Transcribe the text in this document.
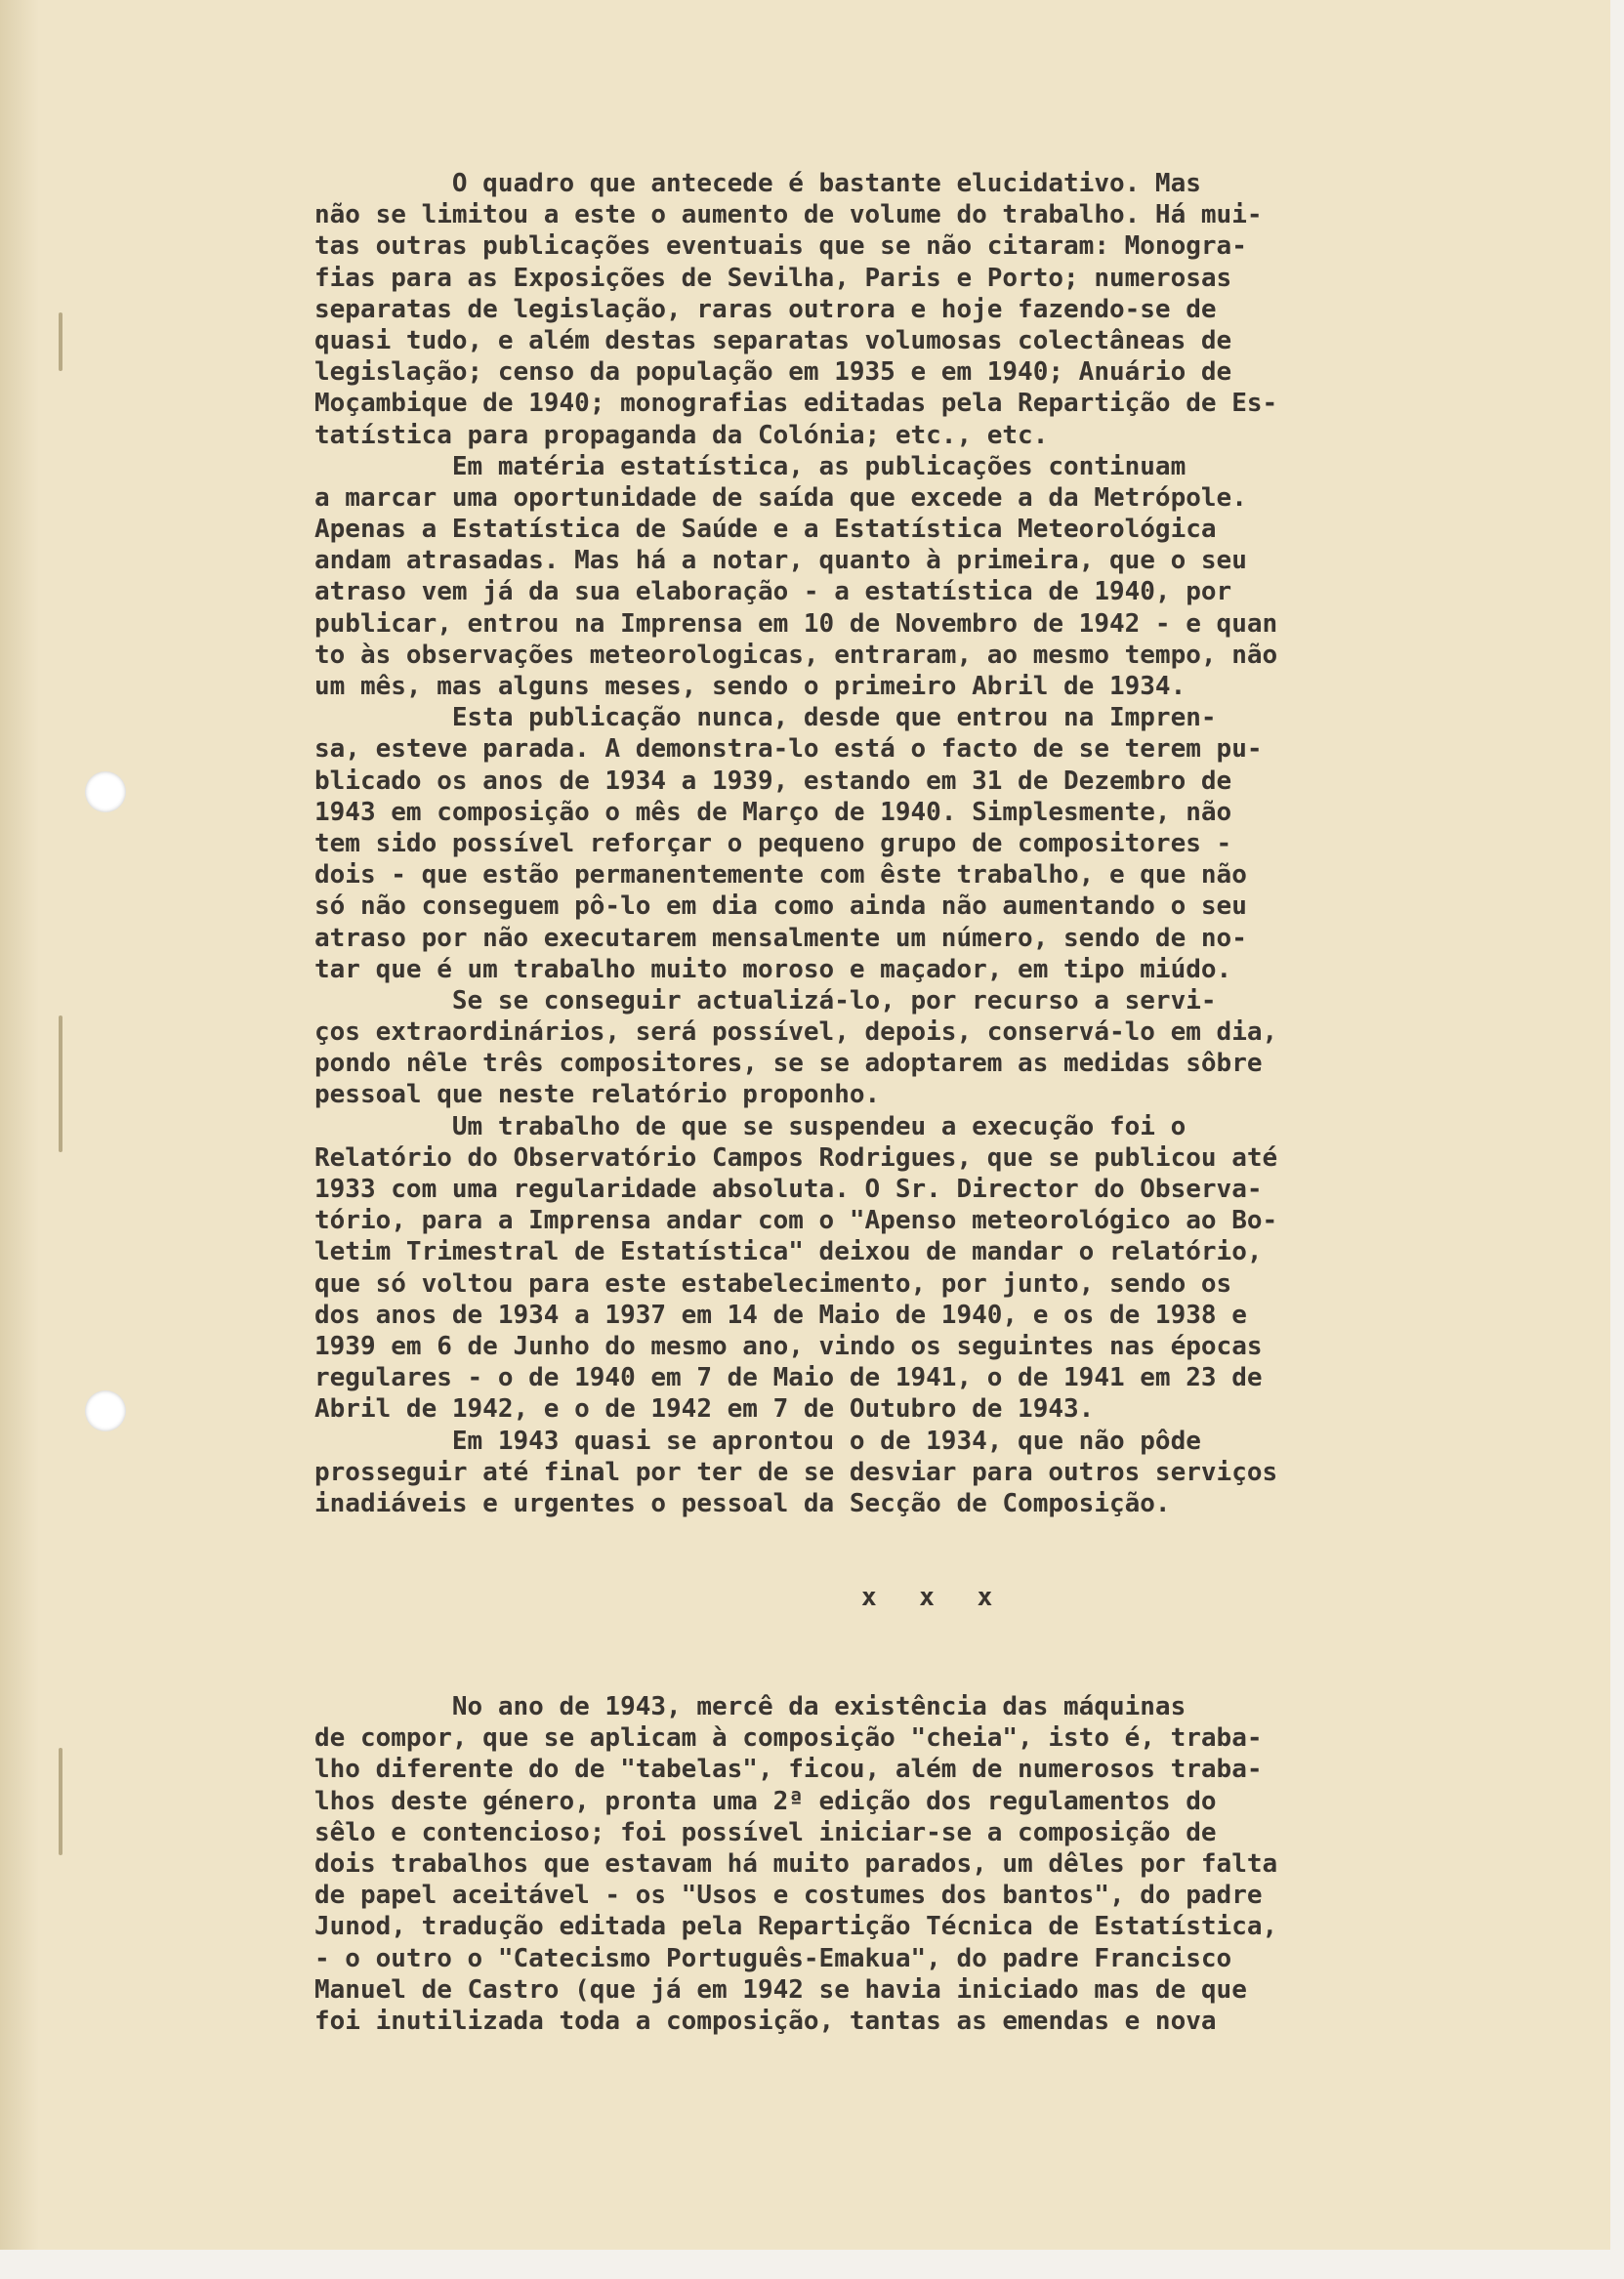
O quadro que antecede é bastante elucidativo. Mas
não se limitou a este o aumento de volume do trabalho. Há mui-
tas outras publicações eventuais que se não citaram: Monogra-
fias para as Exposições de Sevilha, Paris e Porto; numerosas
separatas de legislação, raras outrora e hoje fazendo-se de
quasi tudo, e além destas separatas volumosas colectâneas de
legislação; censo da população em 1935 e em 1940; Anuário de
Moçambique de 1940; monografias editadas pela Repartição de Es-
tatística para propaganda da Colónia; etc., etc.
Em matéria estatística, as publicações continuam
a marcar uma oportunidade de saída que excede a da Metrópole.
Apenas a Estatística de Saúde e a Estatística Meteorológica
andam atrasadas. Mas há a notar, quanto à primeira, que o seu
atraso vem já da sua elaboração - a estatística de 1940, por
publicar, entrou na Imprensa em 10 de Novembro de 1942 - e quan
to às observações meteorologicas, entraram, ao mesmo tempo, não
um mês, mas alguns meses, sendo o primeiro Abril de 1934.
Esta publicação nunca, desde que entrou na Impren-
sa, esteve parada. A demonstra-lo está o facto de se terem pu-
blicado os anos de 1934 a 1939, estando em 31 de Dezembro de
1943 em composição o mês de Março de 1940. Simplesmente, não
tem sido possível reforçar o pequeno grupo de compositores -
dois - que estão permanentemente com êste trabalho, e que não
só não conseguem pô-lo em dia como ainda não aumentando o seu
atraso por não executarem mensalmente um número, sendo de no-
tar que é um trabalho muito moroso e maçador, em tipo miúdo.
Se se conseguir actualizá-lo, por recurso a servi-
ços extraordinários, será possível, depois, conservá-lo em dia,
pondo nêle três compositores, se se adoptarem as medidas sôbre
pessoal que neste relatório proponho.
Um trabalho de que se suspendeu a execução foi o
Relatório do Observatório Campos Rodrigues, que se publicou até
1933 com uma regularidade absoluta. O Sr. Director do Observa-
tório, para a Imprensa andar com o "Apenso meteorológico ao Bo-
letim Trimestral de Estatística" deixou de mandar o relatório,
que só voltou para este estabelecimento, por junto, sendo os
dos anos de 1934 a 1937 em 14 de Maio de 1940, e os de 1938 e
1939 em 6 de Junho do mesmo ano, vindo os seguintes nas épocas
regulares - o de 1940 em 7 de Maio de 1941, o de 1941 em 23 de
Abril de 1942, e o de 1942 em 7 de Outubro de 1943.
Em 1943 quasi se aprontou o de 1934, que não pôde
prosseguir até final por ter de se desviar para outros serviços
inadiáveis e urgentes o pessoal da Secção de Composição.
x x x
No ano de 1943, mercê da existência das máquinas
de compor, que se aplicam à composição "cheia", isto é, traba-
lho diferente do de "tabelas", ficou, além de numerosos traba-
lhos deste género, pronta uma 2ª edição dos regulamentos do
sêlo e contencioso; foi possível iniciar-se a composição de
dois trabalhos que estavam há muito parados, um dêles por falta
de papel aceitável - os "Usos e costumes dos bantos", do padre
Junod, tradução editada pela Repartição Técnica de Estatística,
- o outro o "Catecismo Português-Emakua", do padre Francisco
Manuel de Castro (que já em 1942 se havia iniciado mas de que
foi inutilizada toda a composição, tantas as emendas e nova
